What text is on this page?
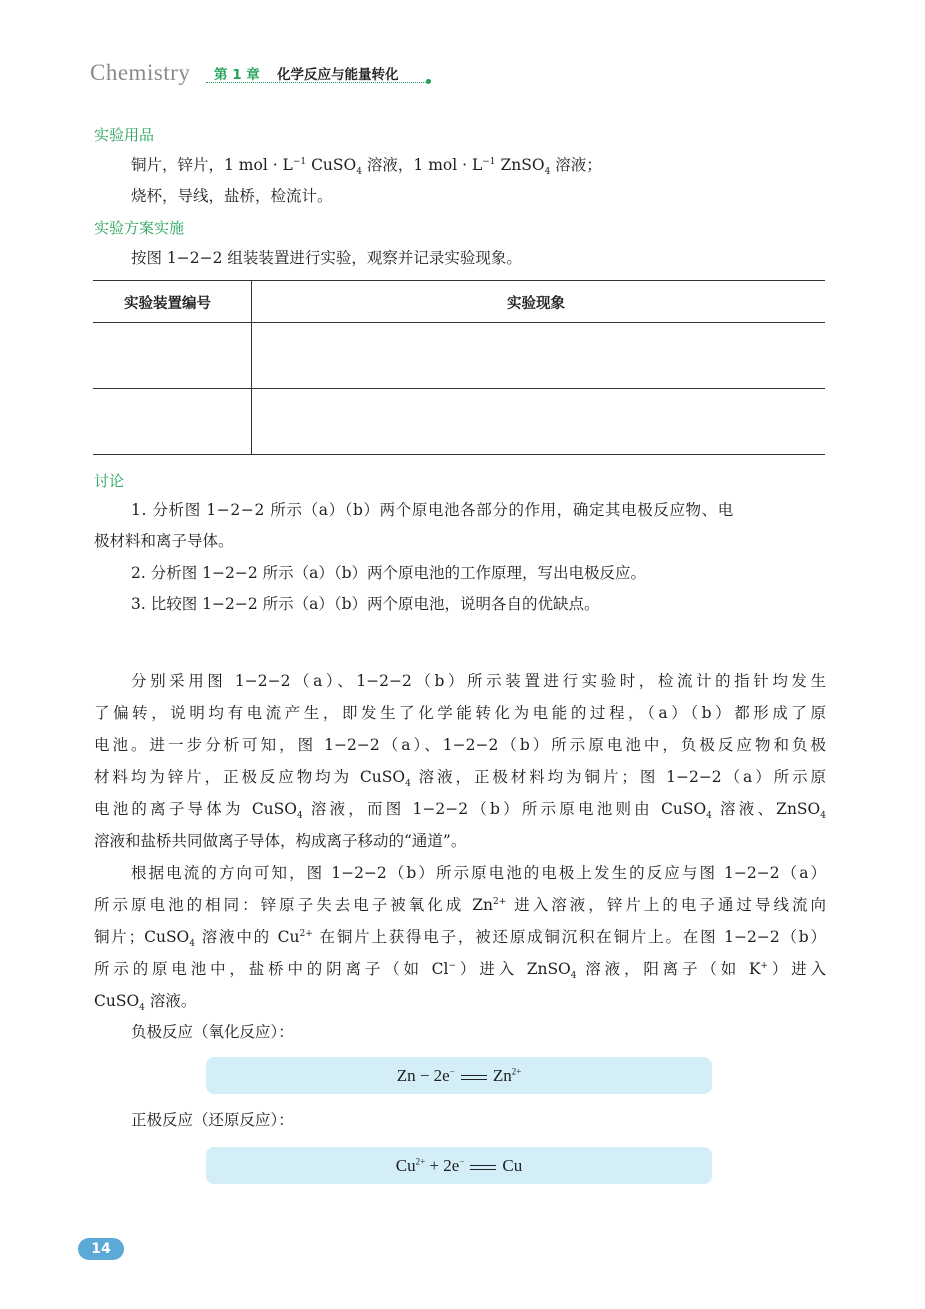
Chemistry 第 1 章 化学反应与能量转化
实验用品
铜片，锌片，1 mol · $L^{-1}$ CuSO$_4$ 溶液，1 mol · $L^{-1}$ ZnSO$_4$ 溶液；
烧杯，导线，盐桥，检流计。
实验方案实施
按图 1−2−2 组装装置进行实验，观察并记录实验现象。
实验装置编号	实验现象
讨论
1. 分析图 1−2−2 所示（a）（b）两个原电池各部分的作用，确定其电极反应物、电
极材料和离子导体。
2. 分析图 1−2−2 所示（a）（b）两个原电池的工作原理，写出电极反应。
3. 比较图 1−2−2 所示（a）（b）两个原电池，说明各自的优缺点。
分别采用图 1−2−2（a）、1−2−2（b）所示装置进行实验时，检流计的指针均发生
了偏转，说明均有电流产生，即发生了化学能转化为电能的过程，（a）（b）都形成了原
电池。进一步分析可知，图 1−2−2（a）、1−2−2（b）所示原电池中，负极反应物和负极
材料均为锌片，正极反应物均为 CuSO$_4$ 溶液，正极材料均为铜片；图 1−2−2（a）所示原
电池的离子导体为 CuSO$_4$ 溶液，而图 1−2−2（b）所示原电池则由 CuSO$_4$ 溶液、ZnSO$_4$
溶液和盐桥共同做离子导体，构成离子移动的“通道”。
根据电流的方向可知，图 1−2−2（b）所示原电池的电极上发生的反应与图 1−2−2（a）
所示原电池的相同：锌原子失去电子被氧化成 $Zn^{2+}$ 进入溶液，锌片上的电子通过导线流向
铜片；CuSO$_4$ 溶液中的 $Cu^{2+}$ 在铜片上获得电子，被还原成铜沉积在铜片上。在图 1−2−2（b）
所示的原电池中，盐桥中的阴离子（如 Cl−）进入 ZnSO$_4$ 溶液，阳离子（如 K+）进入
CuSO$_4$ 溶液。
负极反应（氧化反应）：
Zn − 2e− $Zn^{2+}$
正极反应（还原反应）：
$Cu^{2+} + 2e^-$ Cu
14
